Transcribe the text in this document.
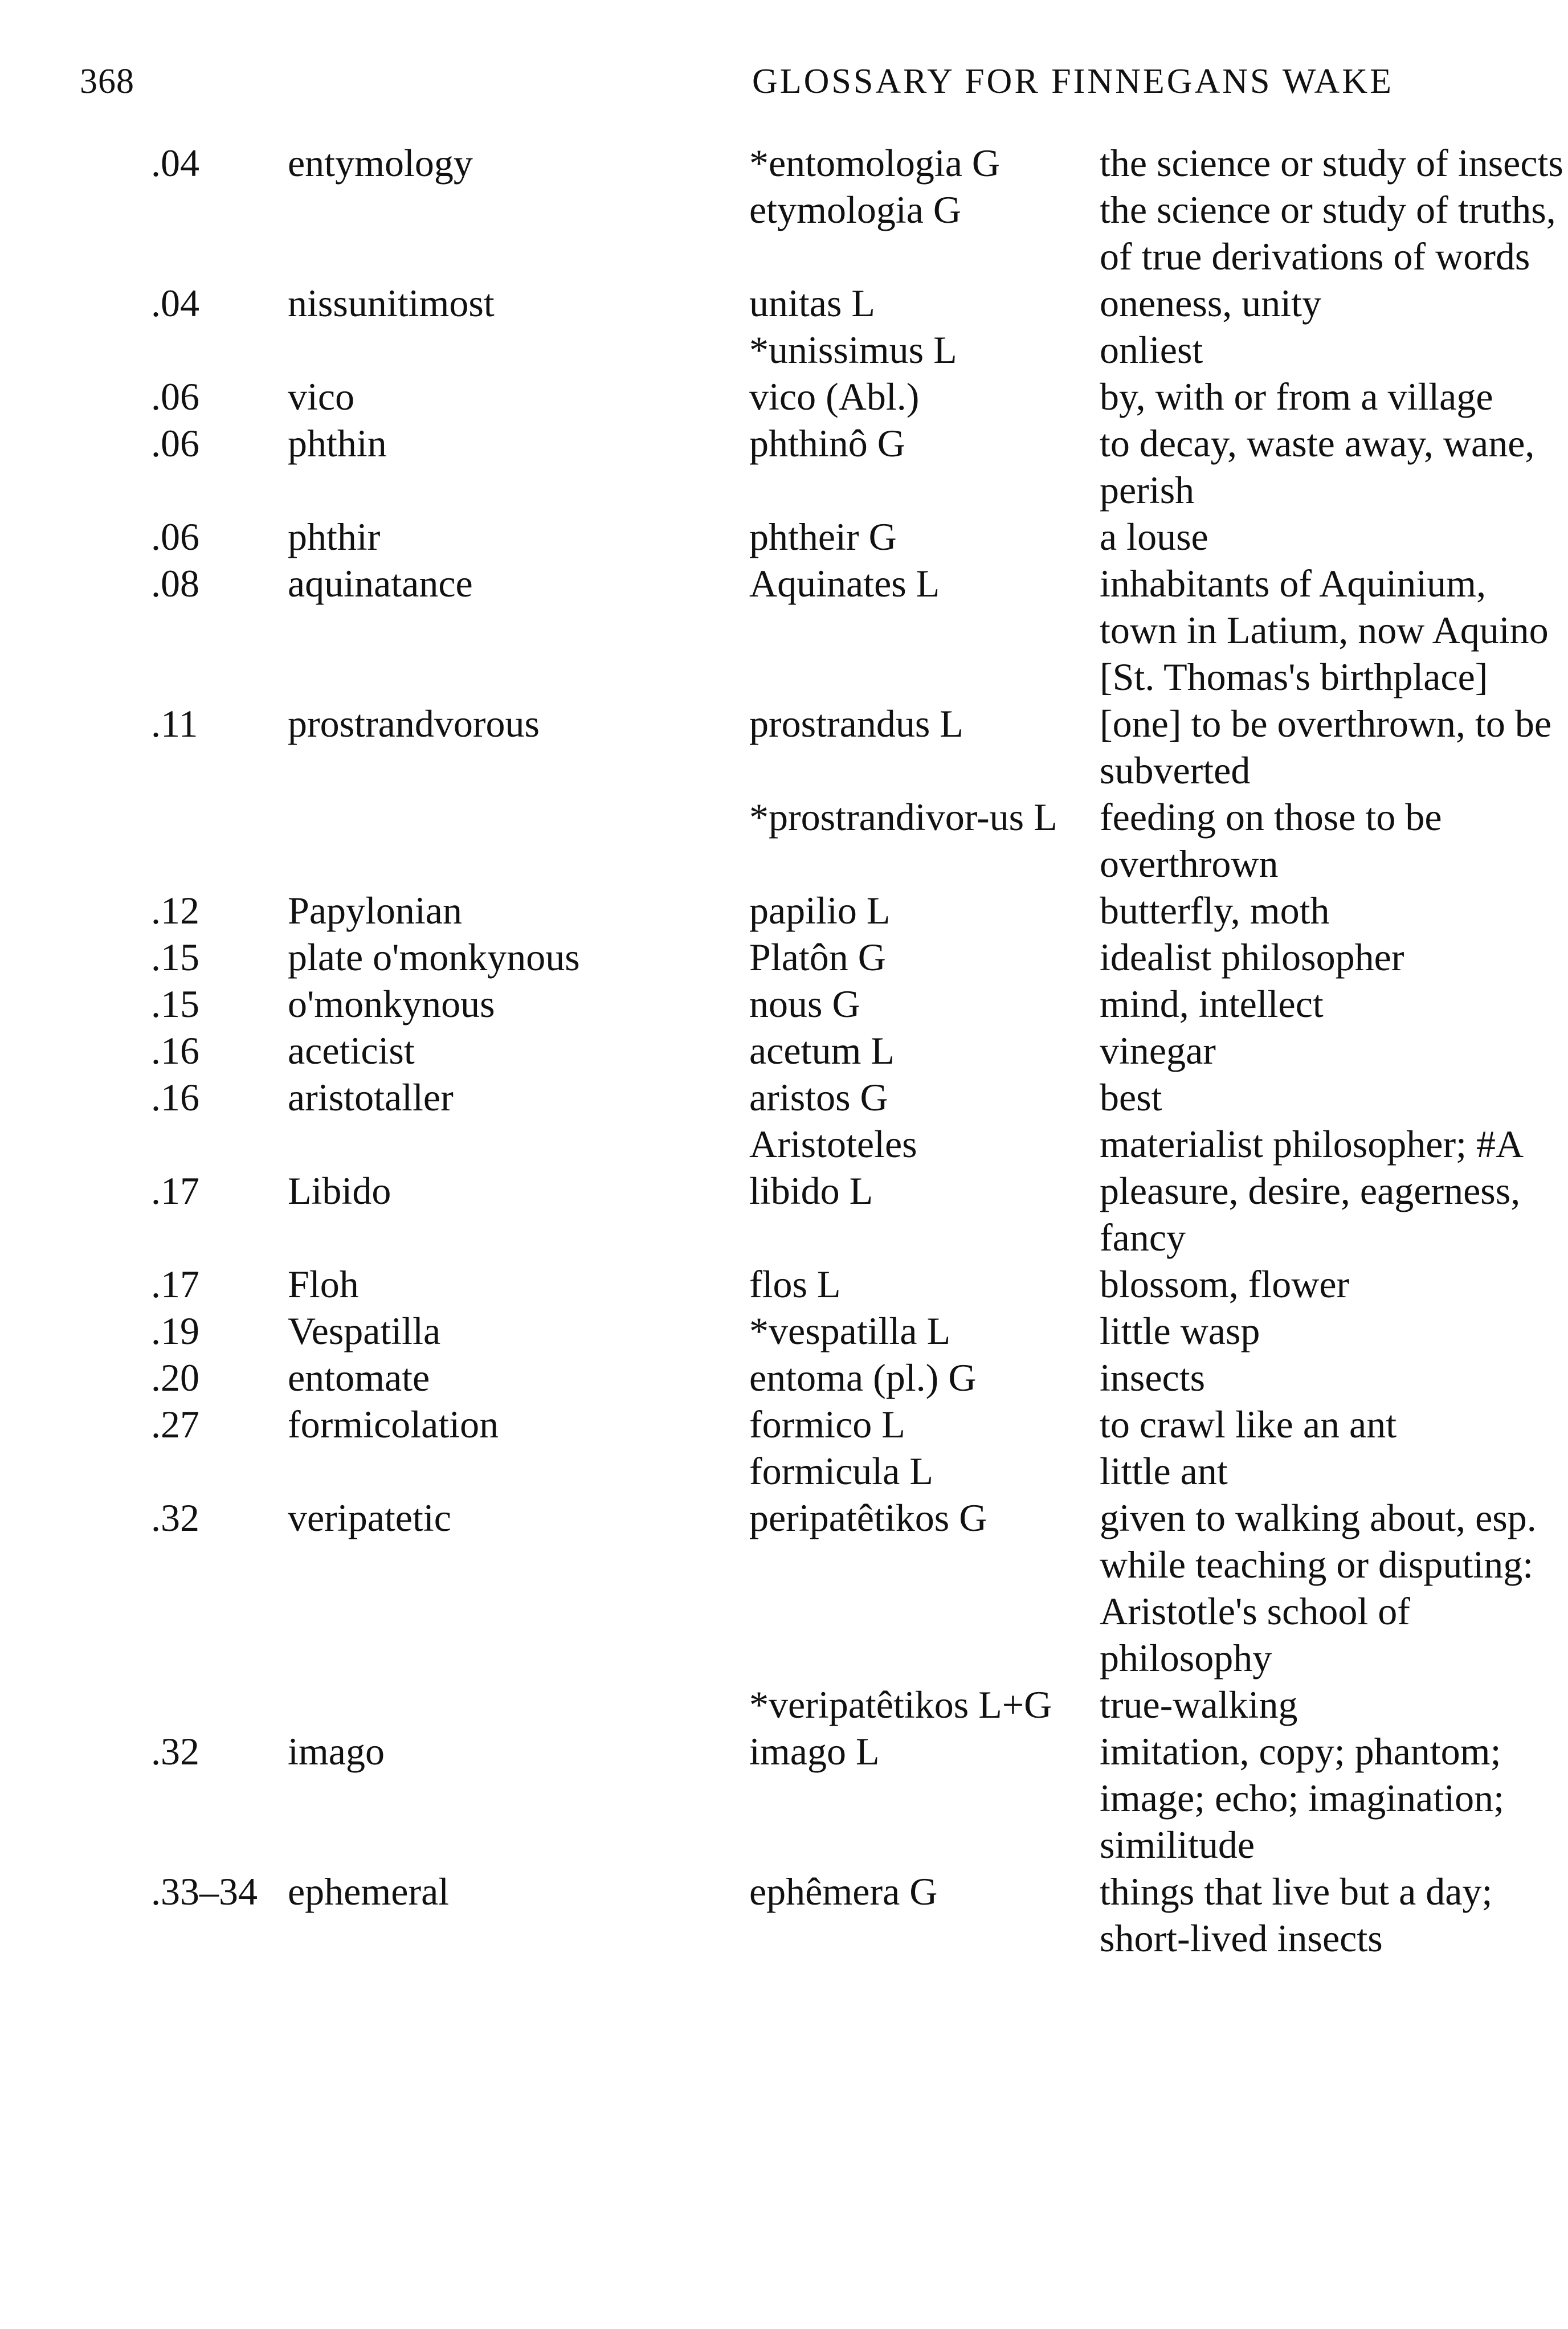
368	GLOSSARY FOR FINNEGANS WAKE
.04	entymology	*entomologia G	the science or study of insects
etymologia G	the science or study of truths, of true derivations of words
.04	nissunitimost	unitas L	oneness, unity
*unissimus L	onliest
.06	vico	vico (Abl.)	by, with or from a village
.06	phthin	phthinô G	to decay, waste away, wane, perish
.06	phthir	phtheir G	a louse
.08	aquinatance	Aquinates L	inhabitants of Aquinium, town in Latium, now Aquino [St. Thomas's birthplace]
.11	prostrandvorous	prostrandus L	[one] to be overthrown, to be subverted
*prostrandivor-us L	feeding on those to be overthrown
.12	Papylonian	papilio L	butterfly, moth
.15	plate o'monkynous	Platôn G	idealist philosopher
.15	o'monkynous	nous G	mind, intellect
.16	aceticist	acetum L	vinegar
.16	aristotaller	aristos G	best
Aristoteles	materialist philosopher; #A
.17	Libido	libido L	pleasure, desire, eagerness, fancy
.17	Floh	flos L	blossom, flower
.19	Vespatilla	*vespatilla L	little wasp
.20	entomate	entoma (pl.) G	insects
.27	formicolation	formico L	to crawl like an ant
formicula L	little ant
.32	veripatetic	peripatêtikos G	given to walking about, esp. while teaching or disputing: Aristotle's school of philosophy
*veripatêtikos L+G	true-walking
.32	imago	imago L	imitation, copy; phantom; image; echo; imagination; similitude
.33–34 ephemeral	ephêmera G	things that live but a day; short-lived insects
